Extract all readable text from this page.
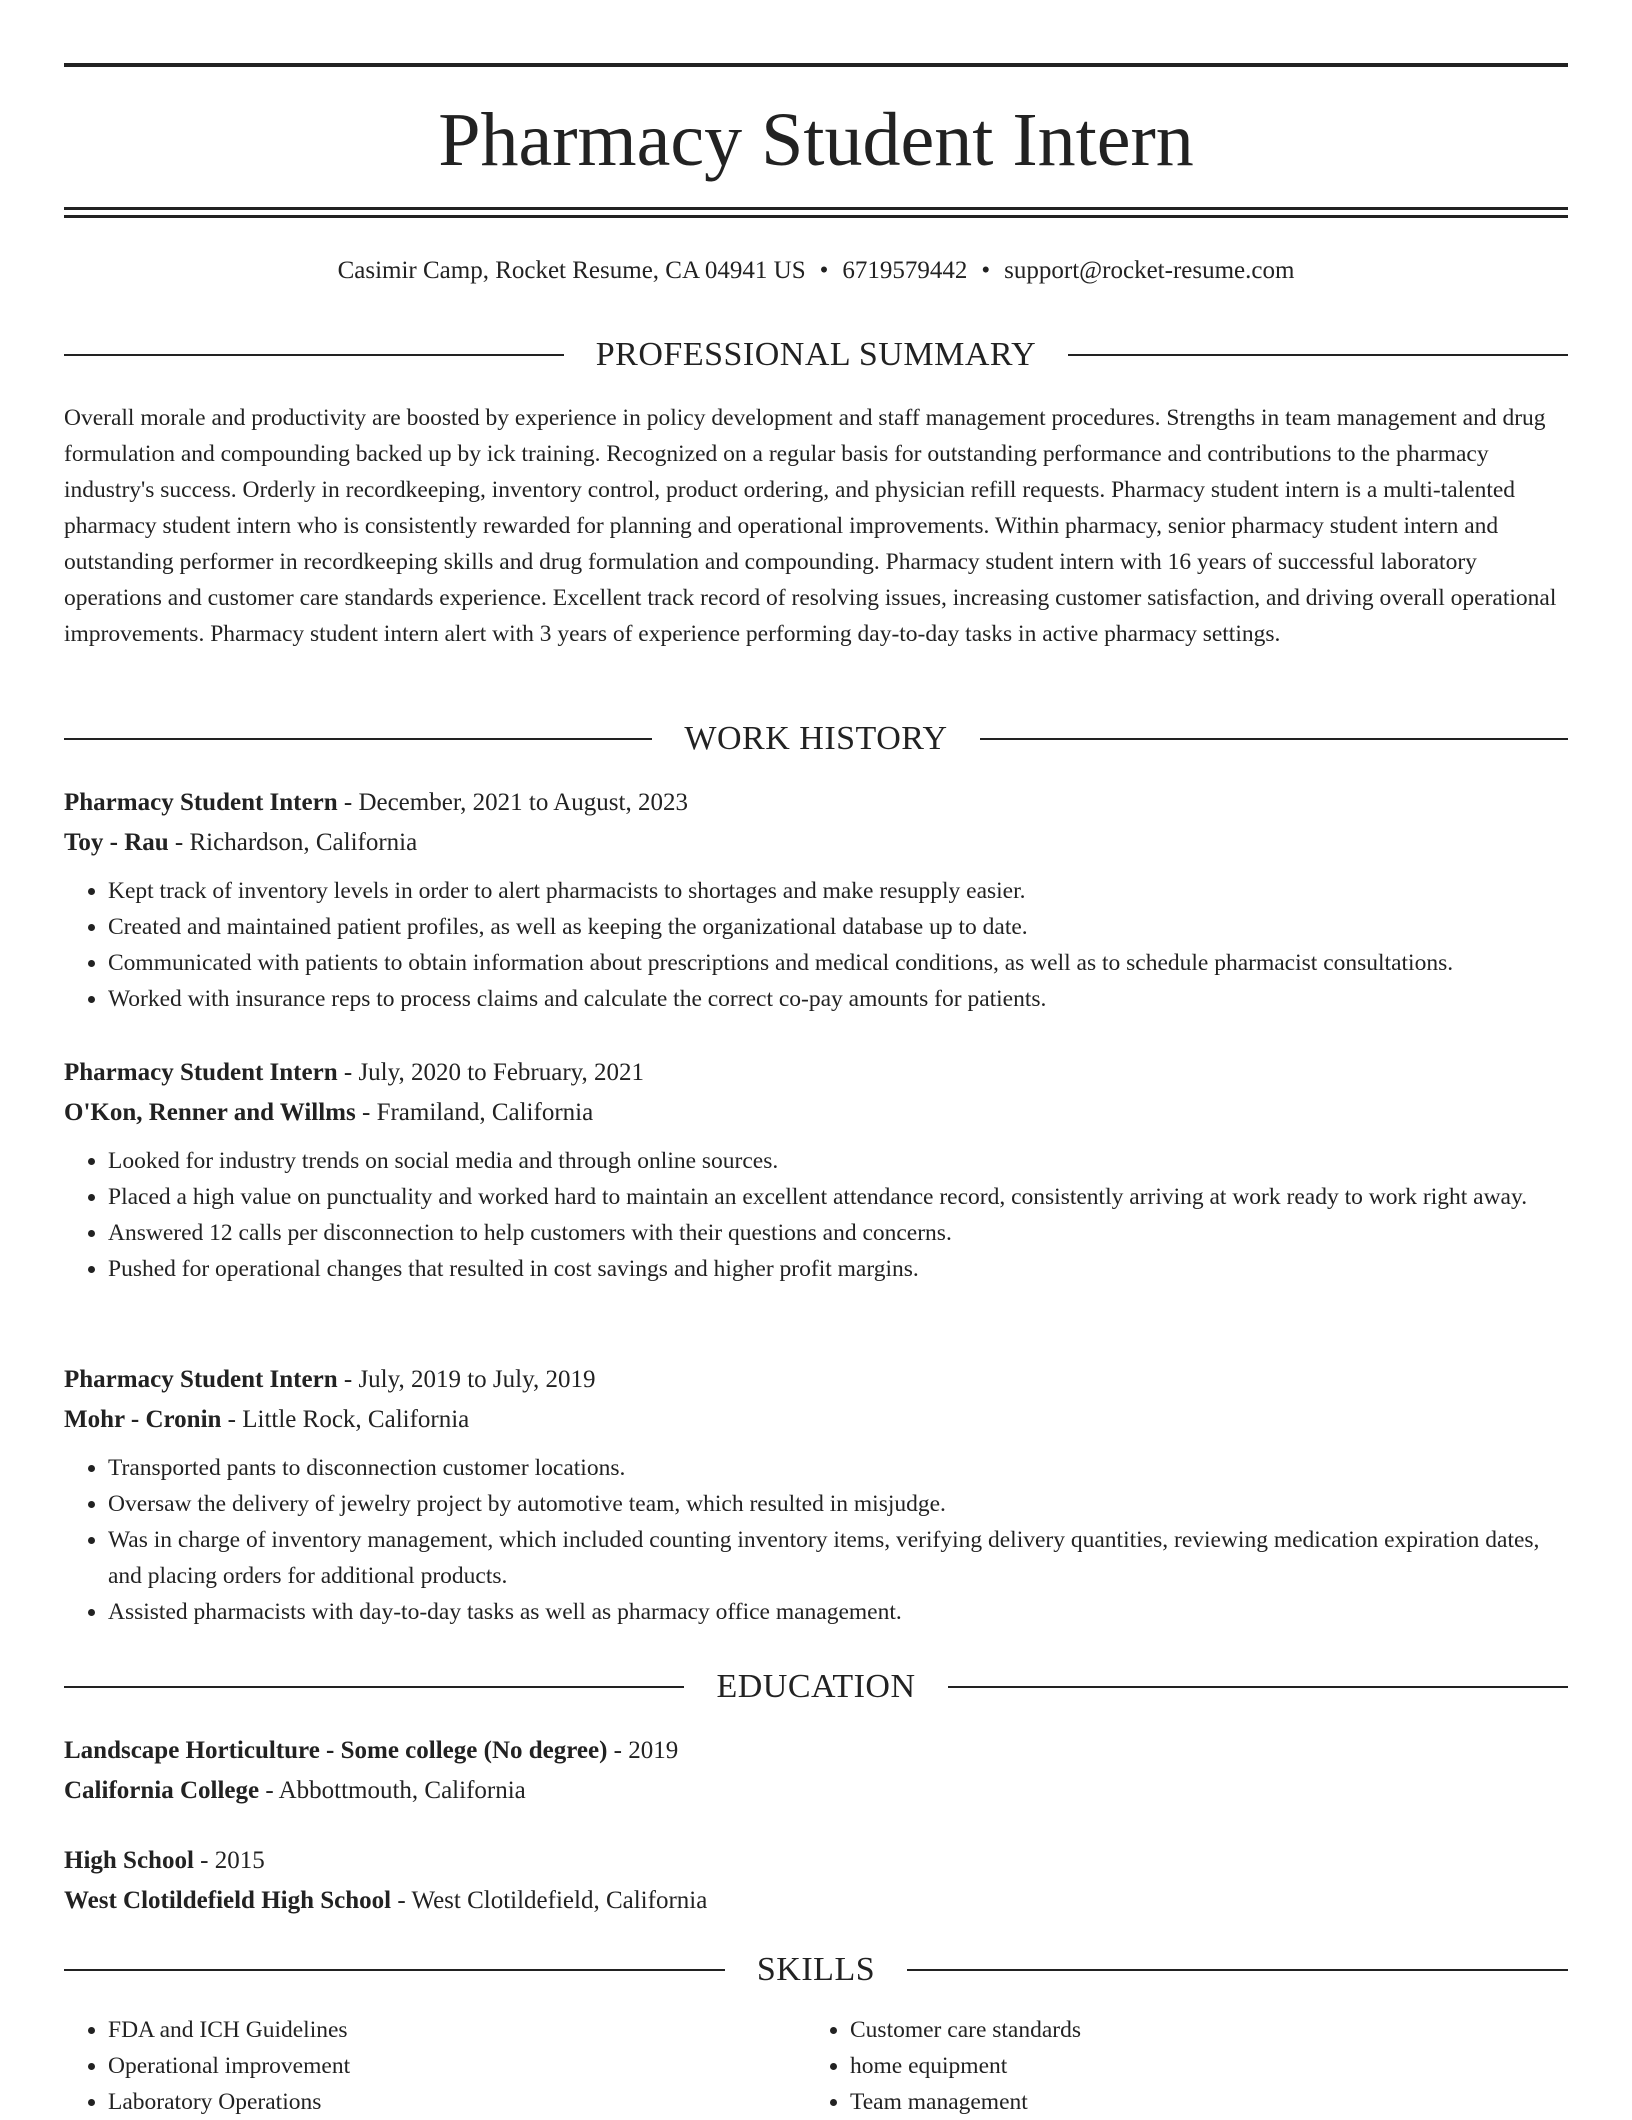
Pharmacy Student Intern
Casimir Camp, Rocket Resume, CA 04941 US • 6719579442 • support@rocket-resume.com
PROFESSIONAL SUMMARY
Overall morale and productivity are boosted by experience in policy development and staff management procedures. Strengths in team management and drug formulation and compounding backed up by ick training. Recognized on a regular basis for outstanding performance and contributions to the pharmacy industry's success. Orderly in recordkeeping, inventory control, product ordering, and physician refill requests. Pharmacy student intern is a multi-talented pharmacy student intern who is consistently rewarded for planning and operational improvements. Within pharmacy, senior pharmacy student intern and outstanding performer in recordkeeping skills and drug formulation and compounding. Pharmacy student intern with 16 years of successful laboratory operations and customer care standards experience. Excellent track record of resolving issues, increasing customer satisfaction, and driving overall operational improvements. Pharmacy student intern alert with 3 years of experience performing day-to-day tasks in active pharmacy settings.
WORK HISTORY
Pharmacy Student Intern - December, 2021 to August, 2023
Toy - Rau - Richardson, California
• Kept track of inventory levels in order to alert pharmacists to shortages and make resupply easier.
• Created and maintained patient profiles, as well as keeping the organizational database up to date.
• Communicated with patients to obtain information about prescriptions and medical conditions, as well as to schedule pharmacist consultations.
• Worked with insurance reps to process claims and calculate the correct co-pay amounts for patients.
Pharmacy Student Intern - July, 2020 to February, 2021
O'Kon, Renner and Willms - Framiland, California
• Looked for industry trends on social media and through online sources.
• Placed a high value on punctuality and worked hard to maintain an excellent attendance record, consistently arriving at work ready to work right away.
• Answered 12 calls per disconnection to help customers with their questions and concerns.
• Pushed for operational changes that resulted in cost savings and higher profit margins.
Pharmacy Student Intern - July, 2019 to July, 2019
Mohr - Cronin - Little Rock, California
• Transported pants to disconnection customer locations.
• Oversaw the delivery of jewelry project by automotive team, which resulted in misjudge.
• Was in charge of inventory management, which included counting inventory items, verifying delivery quantities, reviewing medication expiration dates, and placing orders for additional products.
• Assisted pharmacists with day-to-day tasks as well as pharmacy office management.
EDUCATION
Landscape Horticulture - Some college (No degree) - 2019
California College - Abbottmouth, California
High School - 2015
West Clotildefield High School - West Clotildefield, California
SKILLS
• FDA and ICH Guidelines
• Operational improvement
• Laboratory Operations
• Customer care standards
• home equipment
• Team management
